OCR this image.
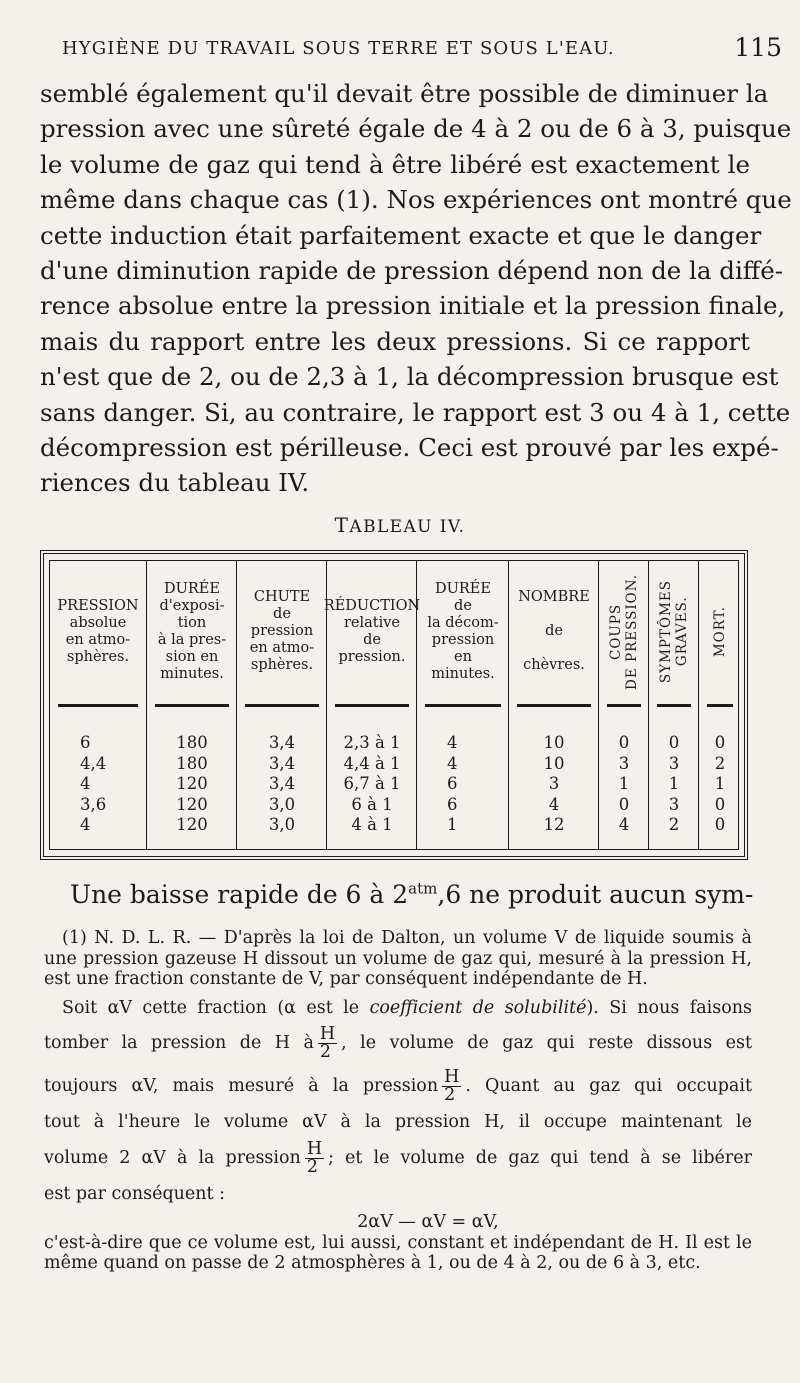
HYGIÈNE DU TRAVAIL SOUS TERRE ET SOUS L'EAU.	115
semblé également qu'il devait être possible de diminuer la
pression avec une sûreté égale de 4 à 2 ou de 6 à 3, puisque
le volume de gaz qui tend à être libéré est exactement le
même dans chaque cas (1). Nos expériences ont montré que
cette induction était parfaitement exacte et que le danger
d'une diminution rapide de pression dépend non de la diffé-
rence absolue entre la pression initiale et la pression finale,
mais du rapport entre les deux pressions. Si ce rapport
n'est que de 2, ou de 2,3 à 1, la décompression brusque est
sans danger. Si, au contraire, le rapport est 3 ou 4 à 1, cette
décompression est périlleuse. Ceci est prouvé par les expé-
riences du tableau IV.
TABLEAU IV.
PRESSION
absolue
en atmo-
sphères.
6
4,4
4
3,6
4
DURÉE
d'exposi-
tion
à la pres-
sion en
minutes.
180
180
120
120
120
CHUTE
de
pression
en atmo-
sphères.
3,4
3,4
3,4
3,0
3,0
RÉDUCTION
relative
de
pression.
2,3 à 1
4,4 à 1
6,7 à 1
6 à 1
4 à 1
DURÉE
de
la décom-
pression
en
minutes.
4
4
6
6
1
NOMBRE

de

chèvres.
10
10
3
4
12
COUPS
DE PRESSION.
0
3
1
0
4
SYMPTÔMES
GRAVES.
0
3
1
3
2
MORT.
0
2
1
0
0
Une baisse rapide de 6 à $2^{atm},6$ ne produit aucun sym-
(1) N. D. L. R. — D'après la loi de Dalton, un volume V de liquide soumis à une pression gazeuse H dissout un volume de gaz qui, mesuré à la pression H, est une fraction constante de V, par conséquent indépendante de H.
Soit αV cette fraction (α est le coefficient de solubilité). Si nous faisons
tomber la pression de H à $\frac{H}{2}$ , le volume de gaz qui reste dissous est
toujours αV, mais mesuré à la pression $\frac{H}{2}$ . Quant au gaz qui occupait
tout à l'heure le volume αV à la pression H, il occupe maintenant le
volume 2 αV à la pression $\frac{H}{2}$ ; et le volume de gaz qui tend à se libérer
est par conséquent :
2αV — αV = αV,
c'est-à-dire que ce volume est, lui aussi, constant et indépendant de H. Il est le même quand on passe de 2 atmosphères à 1, ou de 4 à 2, ou de 6 à 3, etc.
